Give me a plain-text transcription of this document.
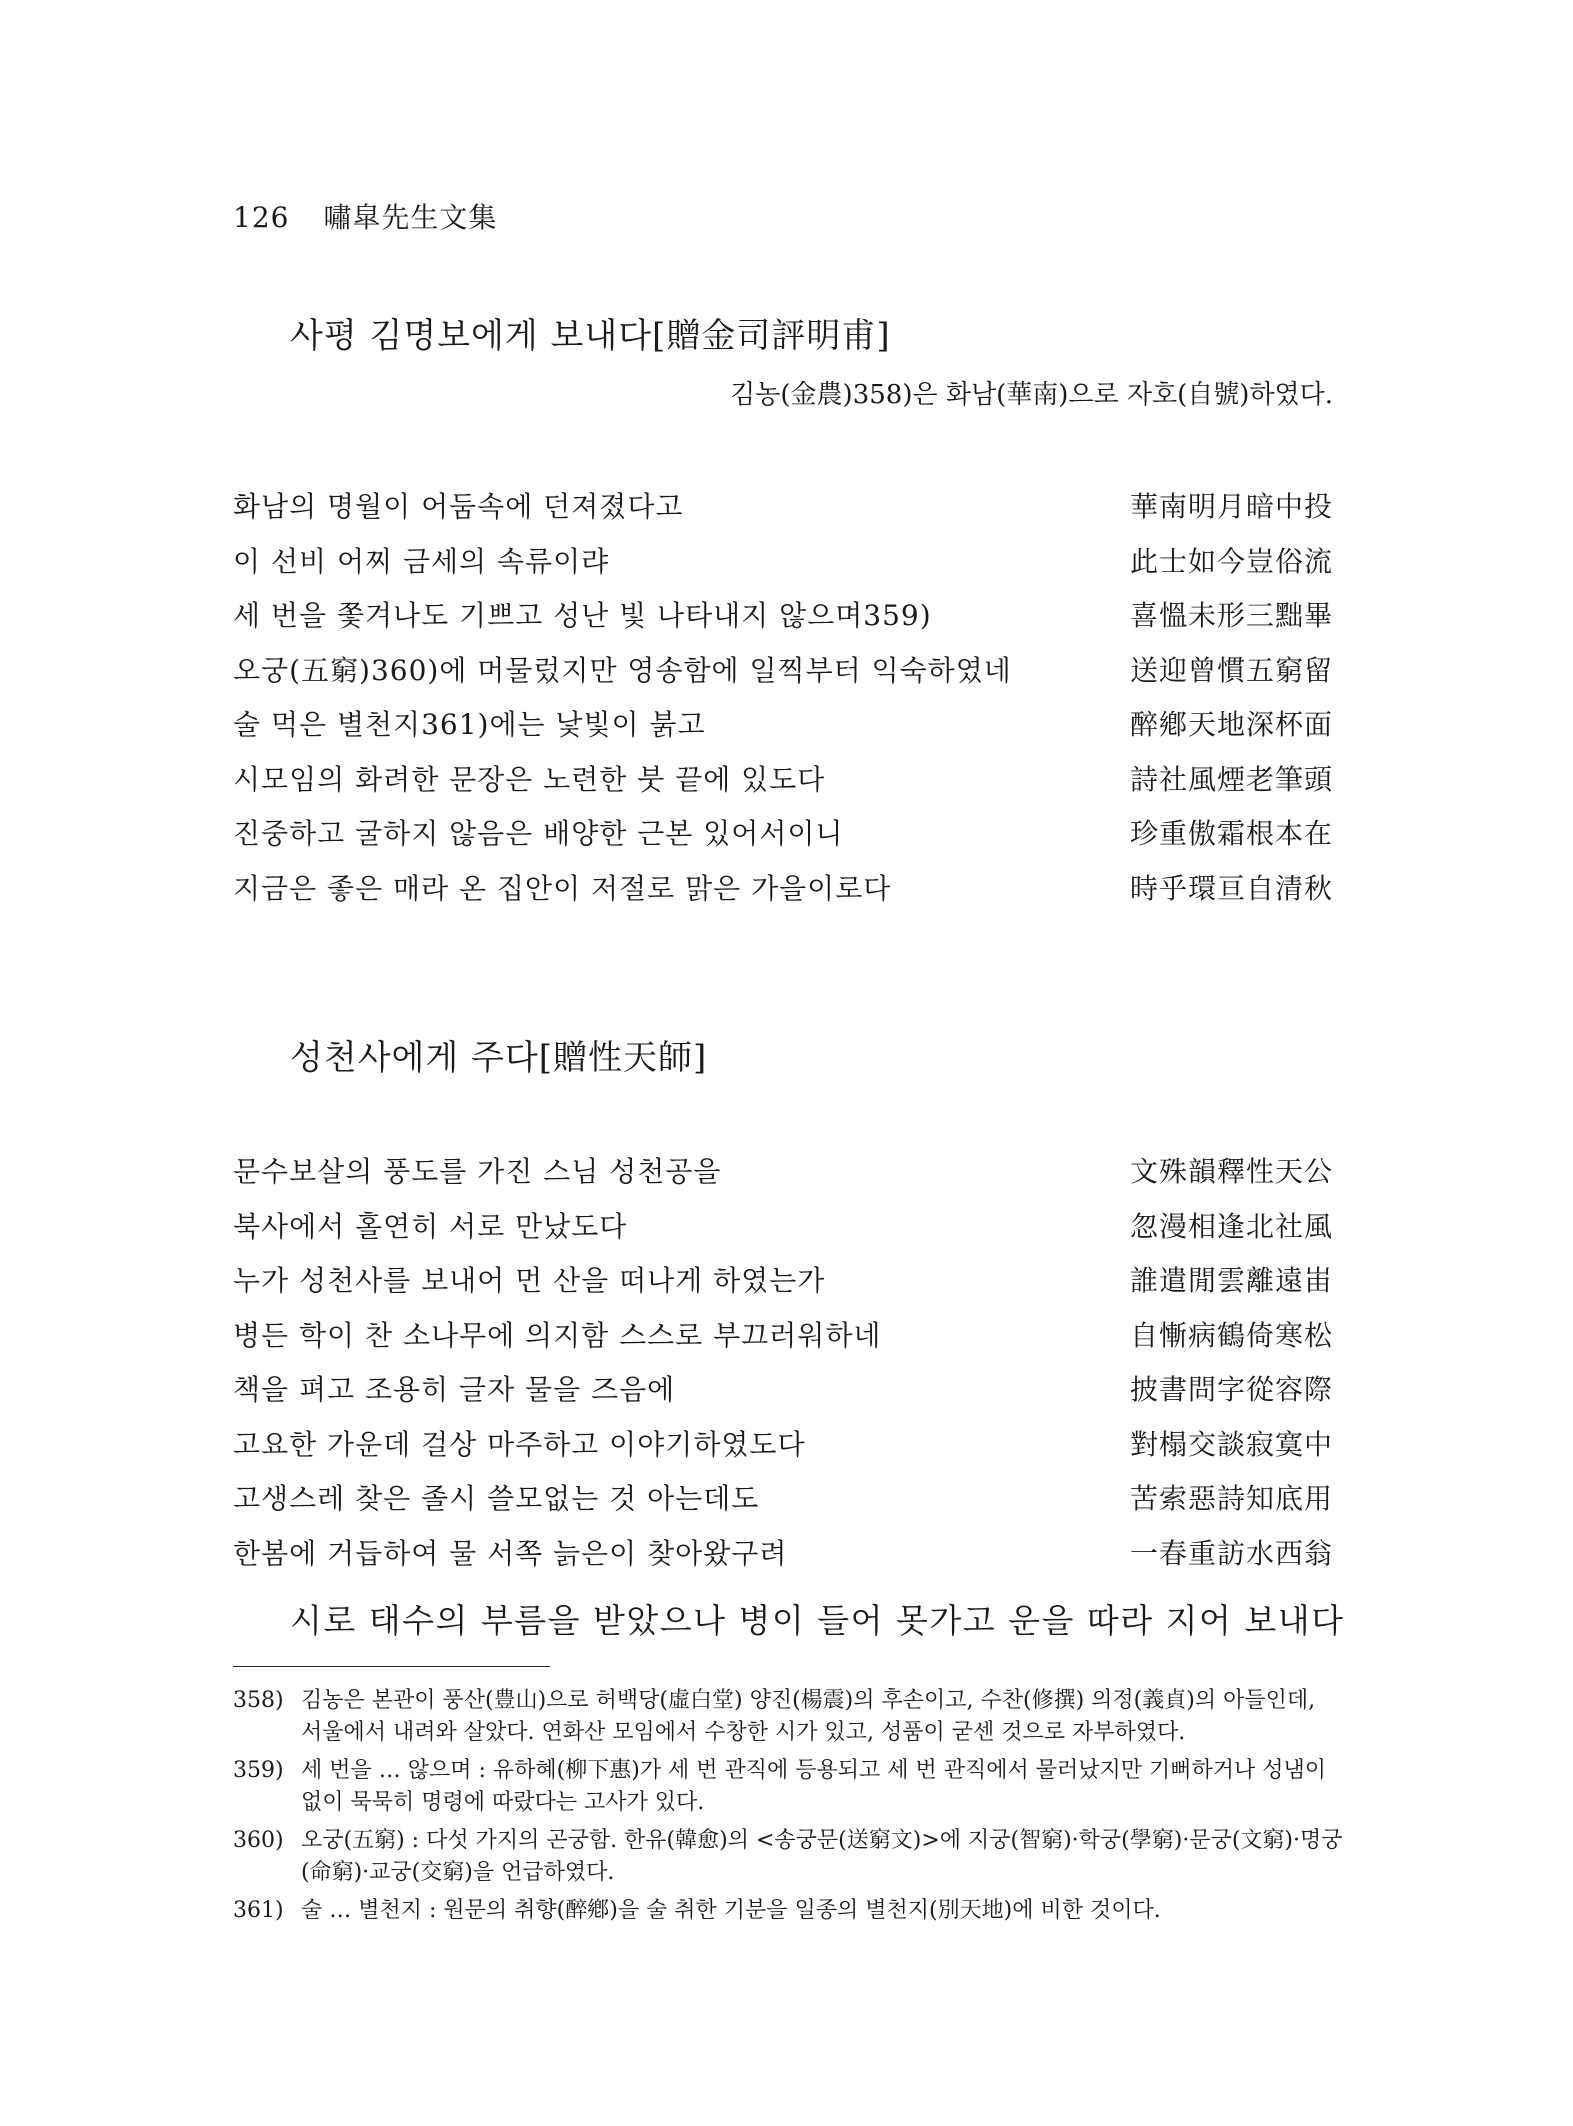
126 嘯皐先生文集
사평 김명보에게 보내다[贈金司評明甫]
김농(金農)358)은 화남(華南)으로 자호(自號)하였다.
화남의 명월이 어둠속에 던져졌다고	華南明月暗中投
이 선비 어찌 금세의 속류이랴	此士如今豈俗流
세 번을 쫓겨나도 기쁘고 성난 빛 나타내지 않으며359)	喜慍未形三黜畢
오궁(五窮)360)에 머물렀지만 영송함에 일찍부터 익숙하였네	送迎曾慣五窮留
술 먹은 별천지361)에는 낯빛이 붉고	醉鄕天地深杯面
시모임의 화려한 문장은 노련한 붓 끝에 있도다	詩社風煙老筆頭
진중하고 굴하지 않음은 배양한 근본 있어서이니	珍重傲霜根本在
지금은 좋은 매라 온 집안이 저절로 맑은 가을이로다	時乎環亘自清秋
성천사에게 주다[贈性天師]
문수보살의 풍도를 가진 스님 성천공을	文殊韻釋性天公
북사에서 홀연히 서로 만났도다	忽漫相逢北社風
누가 성천사를 보내어 먼 산을 떠나게 하였는가	誰遣閒雲離遠峀
병든 학이 찬 소나무에 의지함 스스로 부끄러워하네	自慚病鶴倚寒松
책을 펴고 조용히 글자 물을 즈음에	披書問字從容際
고요한 가운데 걸상 마주하고 이야기하였도다	對榻交談寂寞中
고생스레 찾은 졸시 쓸모없는 것 아는데도	苦索惡詩知底用
한봄에 거듭하여 물 서쪽 늙은이 찾아왔구려	一春重訪水西翁
시로 태수의 부름을 받았으나 병이 들어 못가고 운을 따라 지어 보내다
358) 김농은 본관이 풍산(豊山)으로 허백당(虛白堂) 양진(楊震)의 후손이고, 수찬(修撰) 의정(義貞)의 아들인데, 서울에서 내려와 살았다. 연화산 모임에서 수창한 시가 있고, 성품이 굳센 것으로 자부하였다.
359) 세 번을 … 않으며 : 유하혜(柳下惠)가 세 번 관직에 등용되고 세 번 관직에서 물러났지만 기뻐하거나 성냄이 없이 묵묵히 명령에 따랐다는 고사가 있다.
360) 오궁(五窮) : 다섯 가지의 곤궁함. 한유(韓愈)의 <송궁문(送窮文)>에 지궁(智窮)·학궁(學窮)·문궁(文窮)·명궁(命窮)·교궁(交窮)을 언급하였다.
361) 술 … 별천지 : 원문의 취향(醉鄕)을 술 취한 기분을 일종의 별천지(別天地)에 비한 것이다.
